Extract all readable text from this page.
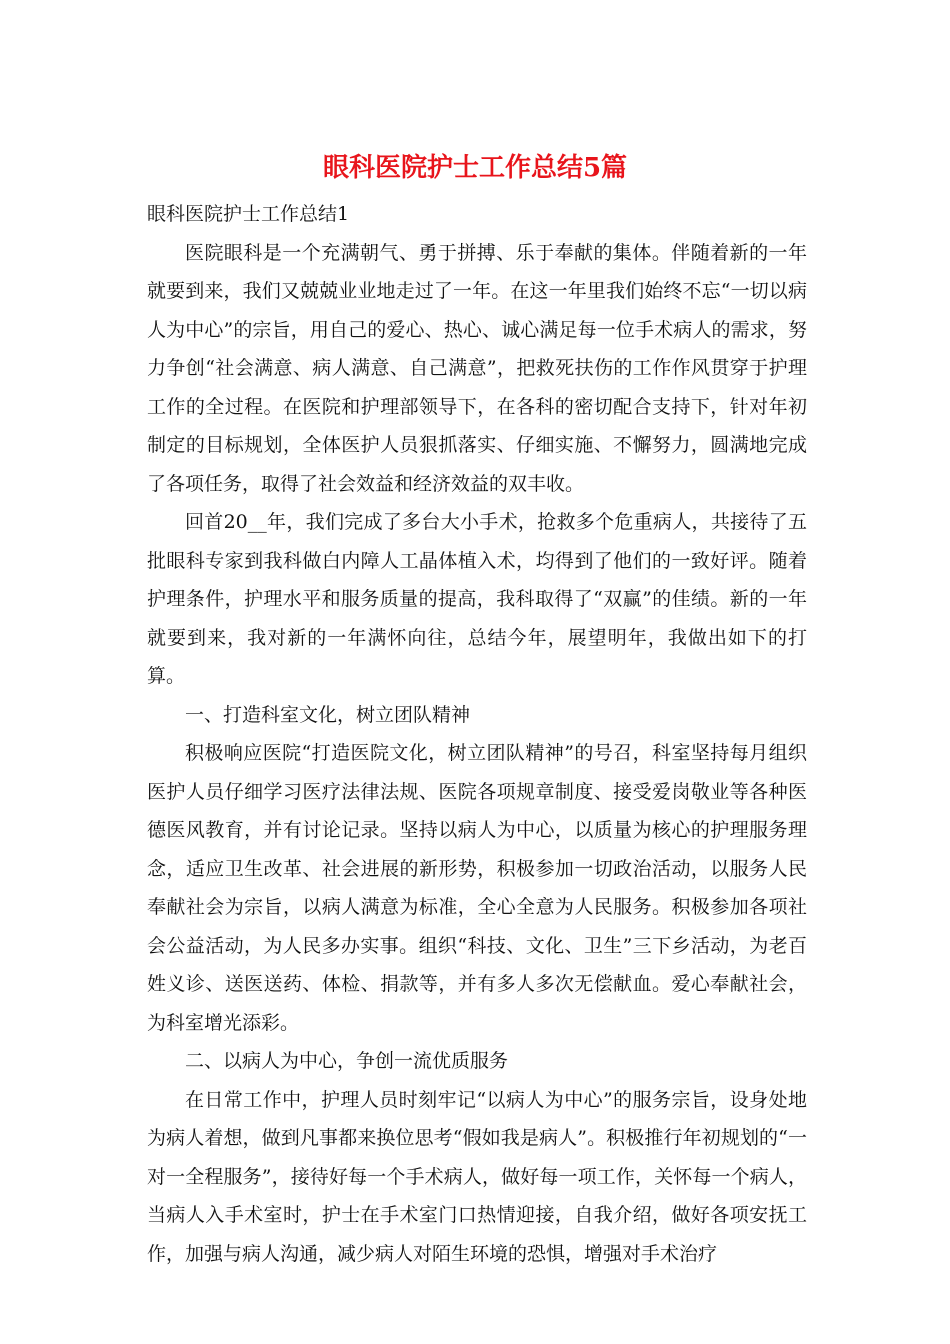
眼科医院护士工作总结5篇

眼科医院护士工作总结1

医院眼科是一个充满朝气、勇于拼搏、乐于奉献的集体。伴随着新的一年就要到来，我们又兢兢业业地走过了一年。在这一年里我们始终不忘“一切以病人为中心”的宗旨，用自己的爱心、热心、诚心满足每一位手术病人的需求，努力争创“社会满意、病人满意、自己满意”，把救死扶伤的工作作风贯穿于护理工作的全过程。在医院和护理部领导下，在各科的密切配合支持下，针对年初制定的目标规划，全体医护人员狠抓落实、仔细实施、不懈努力，圆满地完成了各项任务，取得了社会效益和经济效益的双丰收。

回首20__年，我们完成了多台大小手术，抢救多个危重病人，共接待了五批眼科专家到我科做白内障人工晶体植入术，均得到了他们的一致好评。随着护理条件，护理水平和服务质量的提高，我科取得了“双赢”的佳绩。新的一年就要到来，我对新的一年满怀向往，总结今年，展望明年，我做出如下的打算。

一、打造科室文化，树立团队精神

积极响应医院“打造医院文化，树立团队精神”的号召，科室坚持每月组织医护人员仔细学习医疗法律法规、医院各项规章制度、接受爱岗敬业等各种医德医风教育，并有讨论记录。坚持以病人为中心，以质量为核心的护理服务理念，适应卫生改革、社会进展的新形势，积极参加一切政治活动，以服务人民奉献社会为宗旨，以病人满意为标准，全心全意为人民服务。积极参加各项社会公益活动，为人民多办实事。组织“科技、文化、卫生”三下乡活动，为老百姓义诊、送医送药、体检、捐款等，并有多人多次无偿献血。爱心奉献社会，为科室增光添彩。

二、以病人为中心，争创一流优质服务

在日常工作中，护理人员时刻牢记“以病人为中心”的服务宗旨，设身处地为病人着想，做到凡事都来换位思考“假如我是病人”。积极推行年初规划的“一对一全程服务”，接待好每一个手术病人，做好每一项工作，关怀每一个病人，当病人入手术室时，护士在手术室门口热情迎接，自我介绍，做好各项安抚工作，加强与病人沟通，减少病人对陌生环境的恐惧，增强对手术治疗
